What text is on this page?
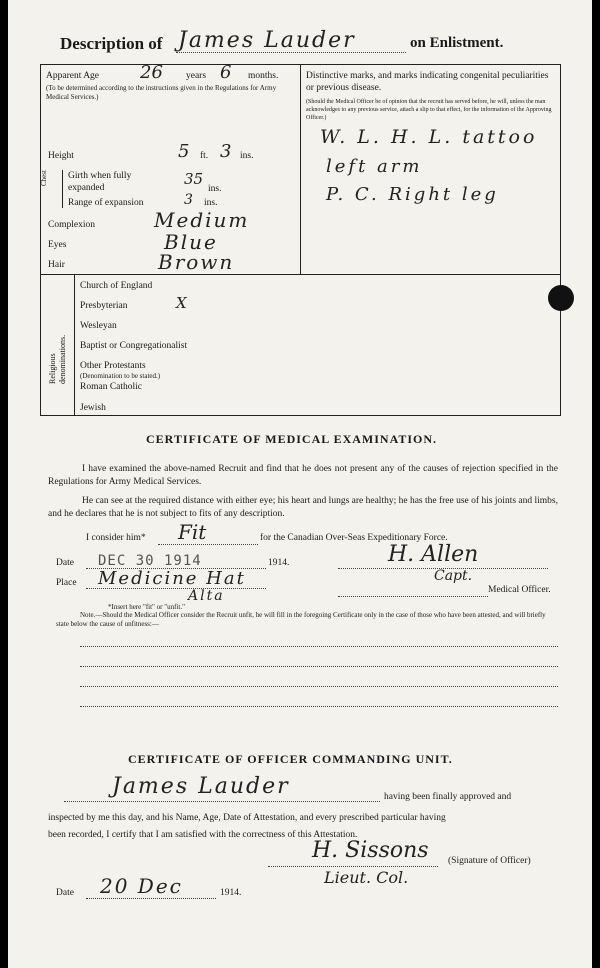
Description of James Lauder	on Enlistment.
Apparent Age 26 years 6 months.
(To be determined according to the instructions given in the Regulations for Army Medical Services.)
Distinctive marks, and marks indicating congenital peculiarities or previous disease.
(Should the Medical Officer be of opinion that the recruit has served before, he will, unless the man acknowledges to any previous service, attach a slip to that effect, for the information of the Approving Officer.)
W. L. H. L. tattoo
left arm
P. C. Right leg
Height	5 ft. 3 ins.
Chest Girth when fully expanded	35
ins.
Range of expansion	3 ins.
Complexion	Medium
Eyes	Blue
Hair	Brown
Religious denominations.
Church of England
Presbyterian	X
Wesleyan
Baptist or Congregationalist
Other Protestants
(Denomination to be stated.)
Roman Catholic
Jewish
CERTIFICATE OF MEDICAL EXAMINATION.
I have examined the above-named Recruit and find that he does not present any of the causes of rejection specified in the Regulations for Army Medical Services.
He can see at the required distance with either eye; his heart and lungs are healthy; he has the free use of his joints and limbs, and he declares that he is not subject to fits of any description.
I consider him* Fit	for the Canadian Over-Seas Expeditionary Force.
Date DEC 30 1914	1914.	H. Allen
Capt.
Place Medicine Hat
Alta	Medical Officer.
*Insert here "fit" or "unfit."
Note.—Should the Medical Officer consider the Recruit unfit, he will fill in the foregoing Certificate only in the case of those who have been attested, and will briefly state below the cause of unfitness:—
CERTIFICATE OF OFFICER COMMANDING UNIT.
James Lauder	having been finally approved and
inspected by me this day, and his Name, Age, Date of Attestation, and every prescribed particular having
been recorded, I certify that I am satisfied with the correctness of this Attestation.
H. Sissons (Signature of Officer)
Lieut. Col.
Date 20 Dec	1914.
